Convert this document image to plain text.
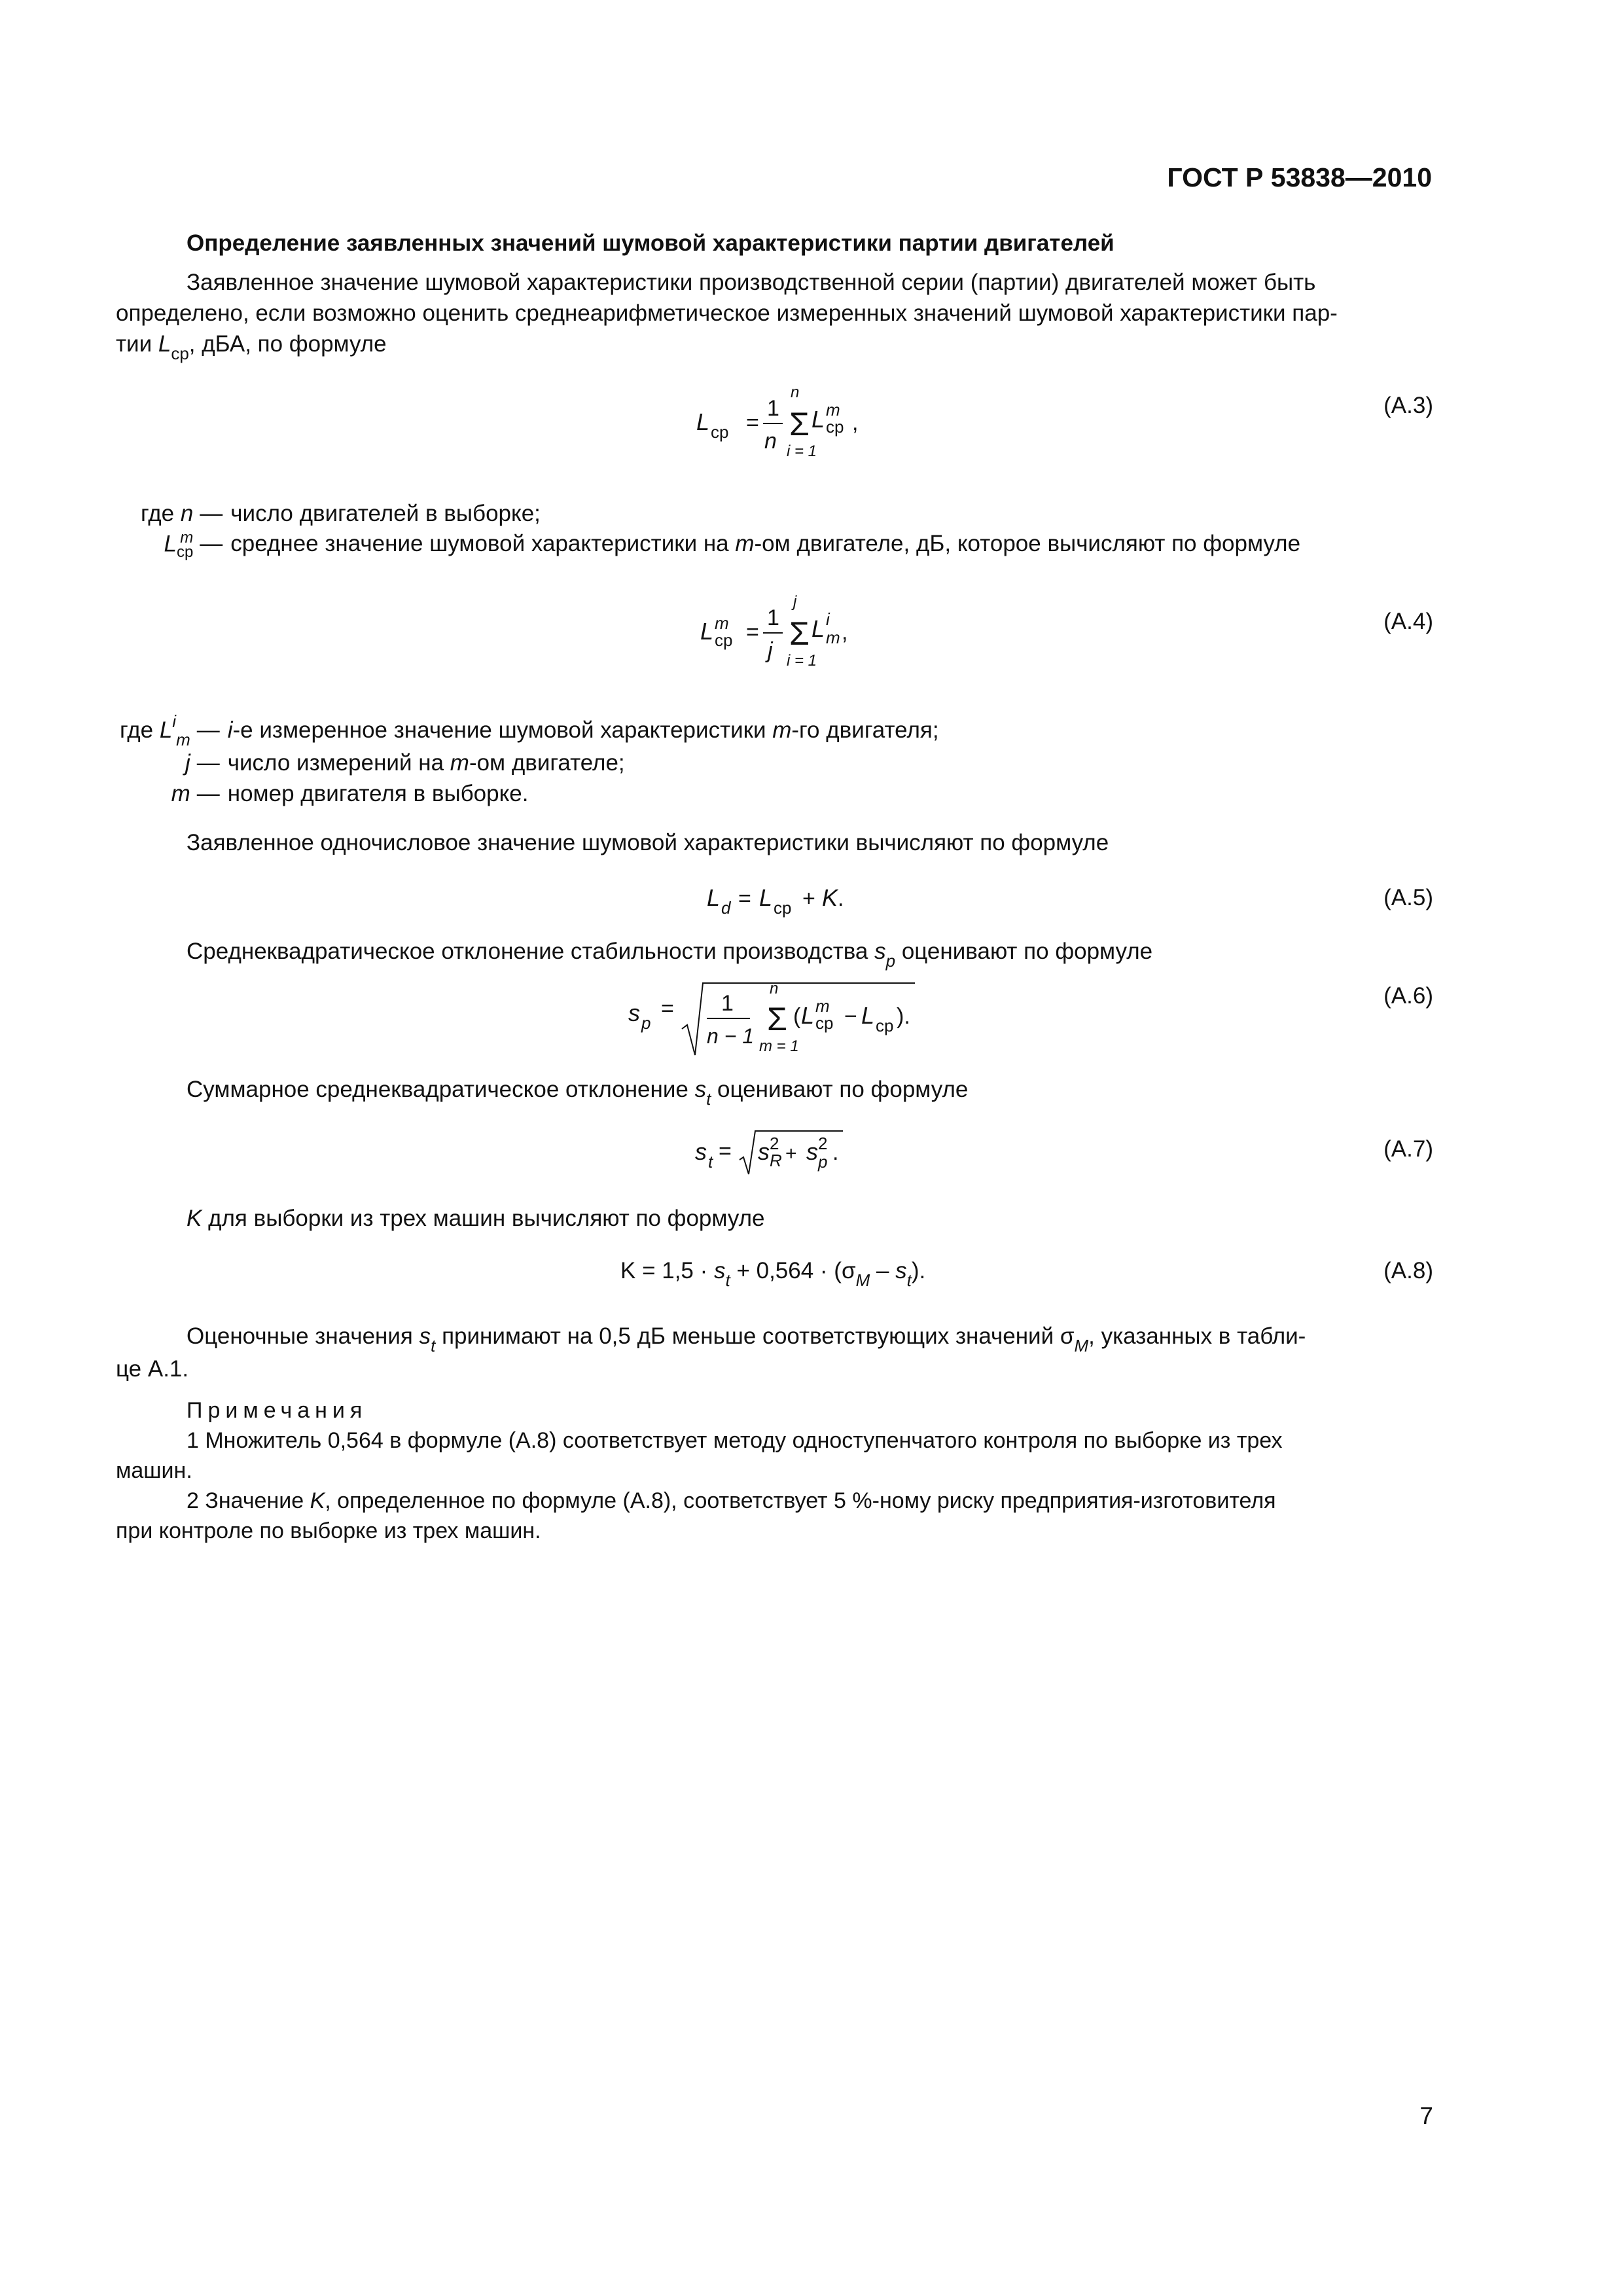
ГОСТ Р 53838—2010
Определение заявленных значений шумовой характеристики партии двигателей
Заявленное значение шумовой характеристики производственной серии (партии) двигателей может быть
определено, если возможно оценить среднеарифметическое измеренных значений шумовой характеристики пар-
тии $L_{ср}$, дБА, по формуле
L ср =
1
n
n
Σ
i = 1
L m
ср ,
(A.3)
где n	—	число двигателей в выборке;
L m
ср	—	среднее значение шумовой характеристики на m-ом двигателе, дБ, которое вычисляют по формуле
L m
ср =
1
j
j
Σ
i = 1
L i
m ,	(A.4)
где $L^i_m$	—	i-е измеренное значение шумовой характеристики m-го двигателя;
j	—	число измерений на m-ом двигателе;
m	—	номер двигателя в выборке.
Заявленное одночисловое значение шумовой характеристики вычисляют по формуле
L d = L ср + K .	(A.5)
Среднеквадратическое отклонение стабильности производства $s_p$ оценивают по формуле
s p
= 1
n − 1
n
Σ
m = 1
( L m
ср − L ср ).
(A.6)
Суммарное среднеквадратическое отклонение $s_t$ оценивают по формуле
s t = s 2
R + s 2
p .	(A.7)
K для выборки из трех машин вычисляют по формуле
$K = 1,5 \cdot s_t + 0,564 \cdot (\sigma_M - s_t)$.	(A.8)
Оценочные значения $s_t$ принимают на 0,5 дБ меньше соответствующих значений $\sigma_M$, указанных в табли-
це А.1.
Примечания
1 Множитель 0,564 в формуле (А.8) соответствует методу одноступенчатого контроля по выборке из трех
машин.
2 Значение K, определенное по формуле (А.8), соответствует 5 %-ному риску предприятия-изготовителя
при контроле по выборке из трех машин.
7
